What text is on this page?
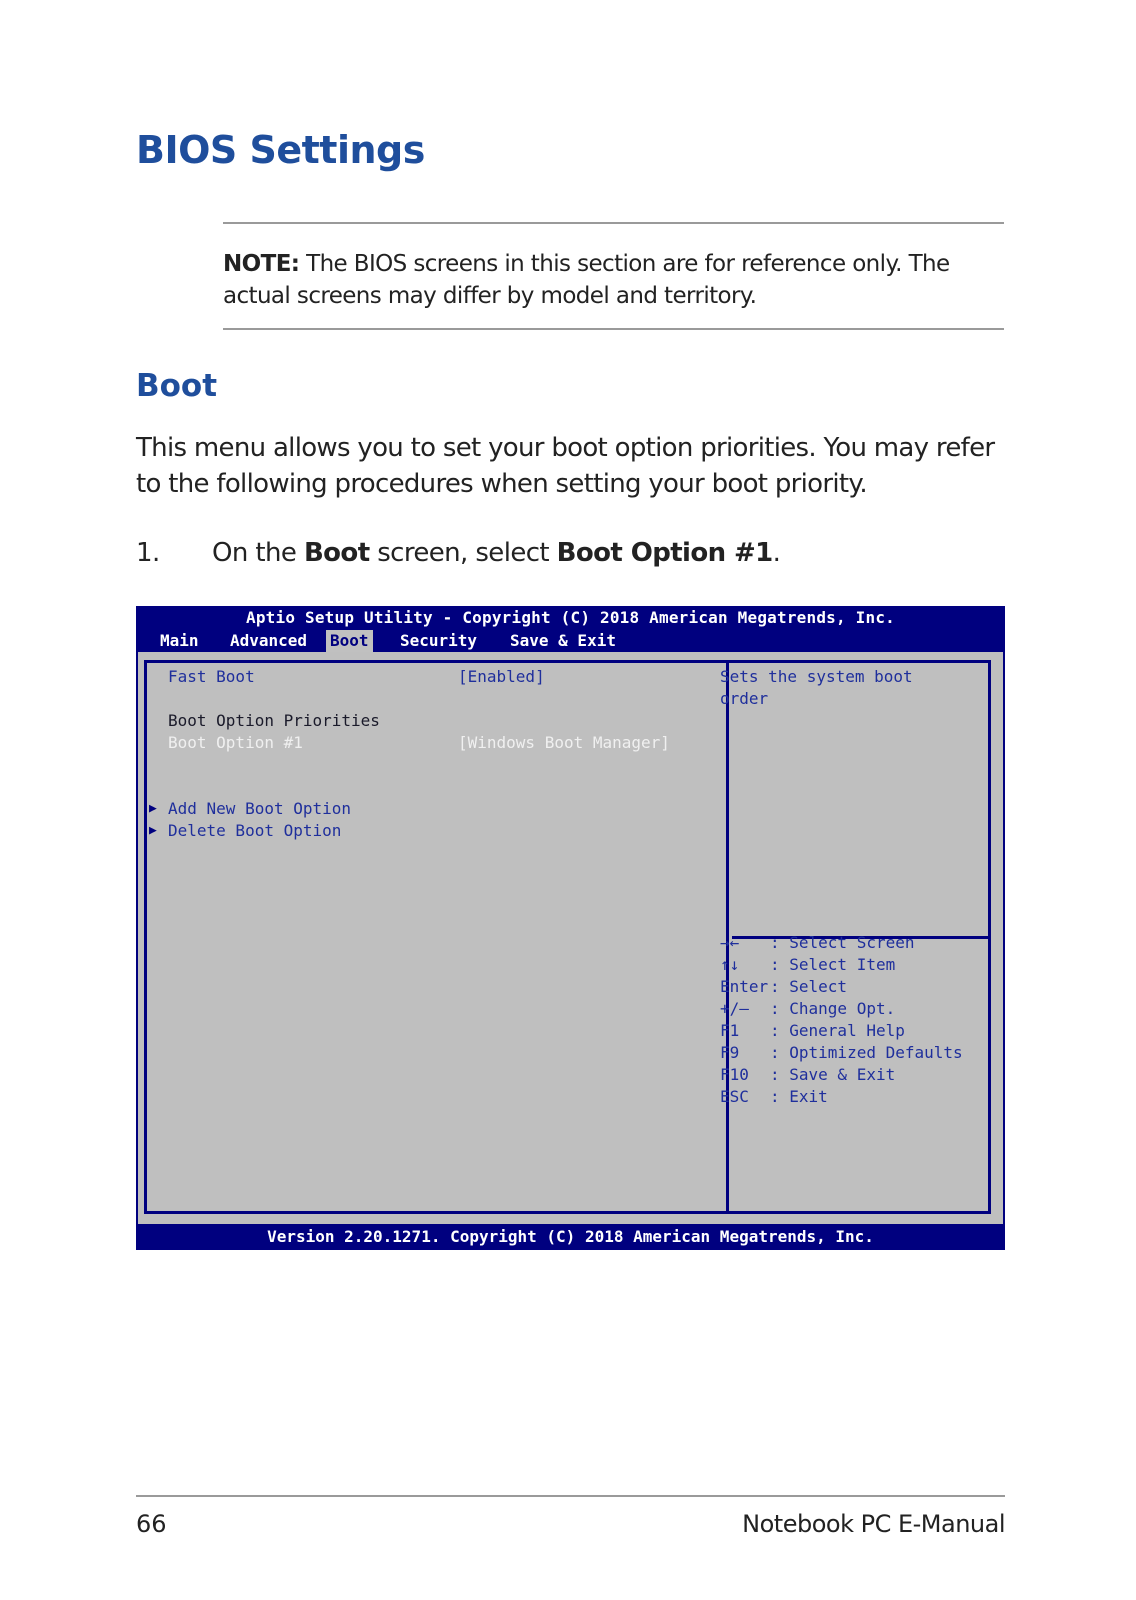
BIOS Settings
NOTE: The BIOS screens in this section are for reference only. The actual screens may differ by model and territory.
Boot
This menu allows you to set your boot option priorities. You may refer to the following procedures when setting your boot priority.
1. On the Boot screen, select Boot Option #1.
Aptio Setup Utility - Copyright (C) 2018 American Megatrends, Inc.
Main Advanced Boot Security Save & Exit
Fast Boot	[Enabled]
Boot Option Priorities
Boot Option #1	[Windows Boot Manager]
▶ Add New Boot Option
▶ Delete Boot Option
Sets the system boot
order
→← : Select Screen
↑↓ : Select Item
Enter : Select
+/— : Change Opt.
F1 : General Help
F9 : Optimized Defaults
F10 : Save & Exit
ESC : Exit
Version 2.20.1271. Copyright (C) 2018 American Megatrends, Inc.
66	Notebook PC E-Manual
